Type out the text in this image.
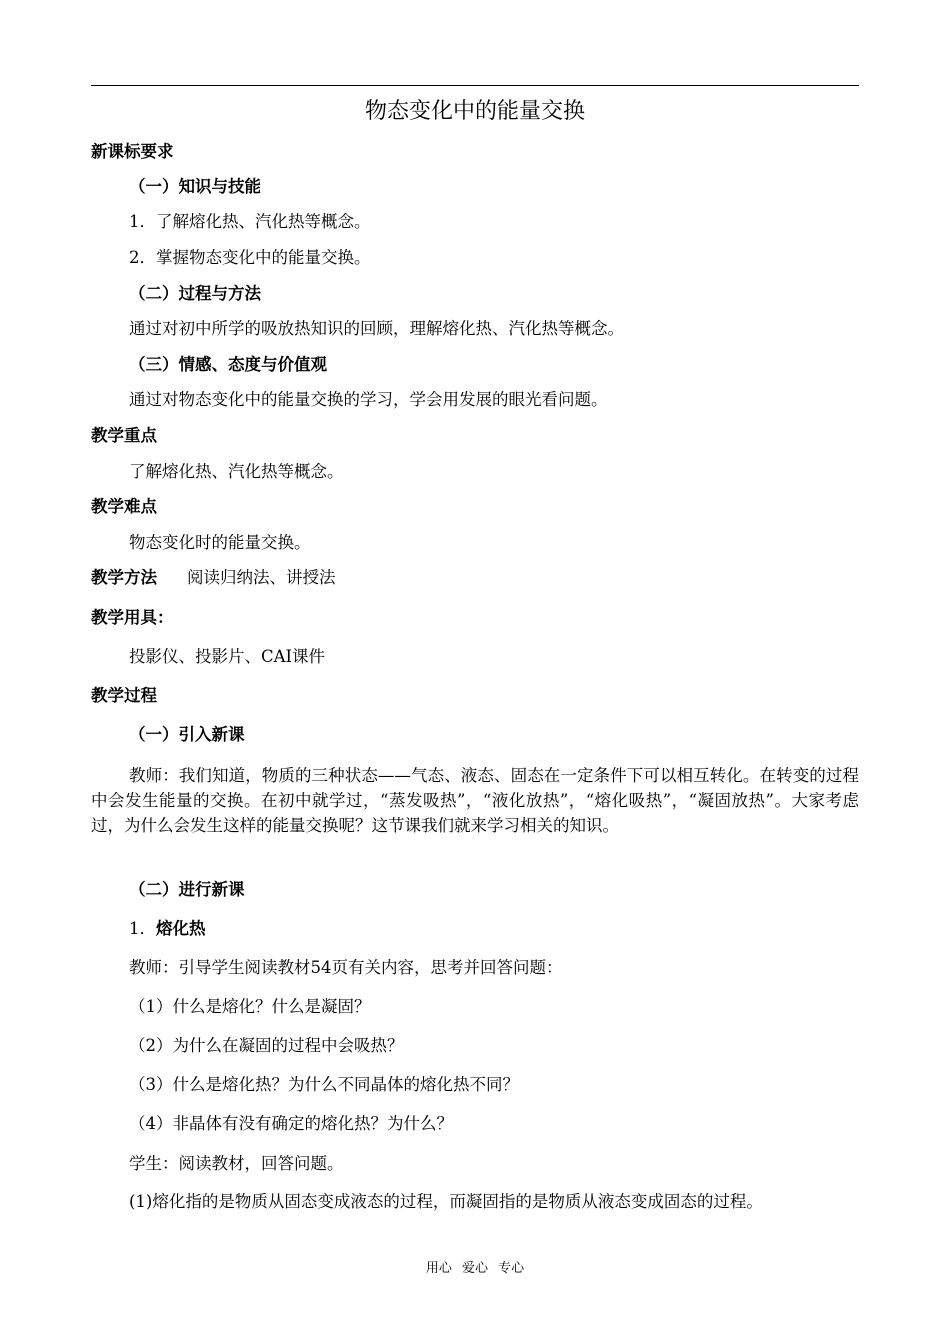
物态变化中的能量交换
新课标要求
（一）知识与技能
1．了解熔化热、汽化热等概念。
2．掌握物态变化中的能量交换。
（二）过程与方法
通过对初中所学的吸放热知识的回顾，理解熔化热、汽化热等概念。
（三）情感、态度与价值观
通过对物态变化中的能量交换的学习，学会用发展的眼光看问题。
教学重点
了解熔化热、汽化热等概念。
教学难点
物态变化时的能量交换。
教学方法 阅读归纳法、讲授法
教学用具：
投影仪、投影片、CAI课件
教学过程
（一）引入新课
教师：我们知道，物质的三种状态——气态、液态、固态在一定条件下可以相互转化。在转变的过程中会发生能量的交换。在初中就学过，“蒸发吸热”，“液化放热”，“熔化吸热”，“凝固放热”。大家考虑过，为什么会发生这样的能量交换呢？这节课我们就来学习相关的知识。
（二）进行新课
1．熔化热
教师：引导学生阅读教材54页有关内容，思考并回答问题：
（1）什么是熔化？什么是凝固？
（2）为什么在凝固的过程中会吸热？
（3）什么是熔化热？为什么不同晶体的熔化热不同？
（4）非晶体有没有确定的熔化热？为什么？
学生：阅读教材，回答问题。
(1)熔化指的是物质从固态变成液态的过程，而凝固指的是物质从液态变成固态的过程。
用心 爱心 专心
